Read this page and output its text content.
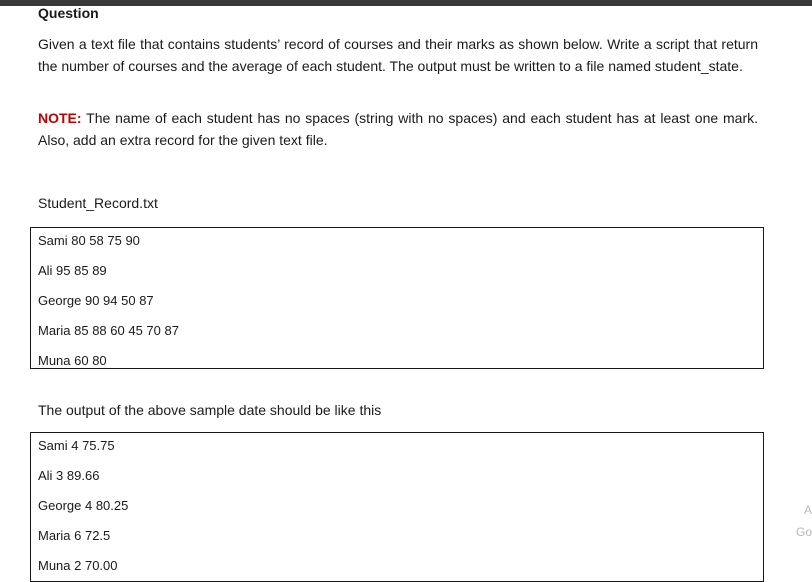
Question
Given a text file that contains students’ record of courses and their marks as shown below. Write a script that return the number of courses and the average of each student. The output must be written to a file named student_state.
NOTE: The name of each student has no spaces (string with no spaces) and each student has at least one mark. Also, add an extra record for the given text file.
Student_Record.txt
Sami 80 58 75 90
Ali 95 85 89
George 90 94 50 87
Maria 85 88 60 45 70 87
Muna 60 80
The output of the above sample date should be like this
Sami 4 75.75
Ali 3 89.66
George 4 80.25
Maria 6 72.5
Muna 2 70.00
A
Go
